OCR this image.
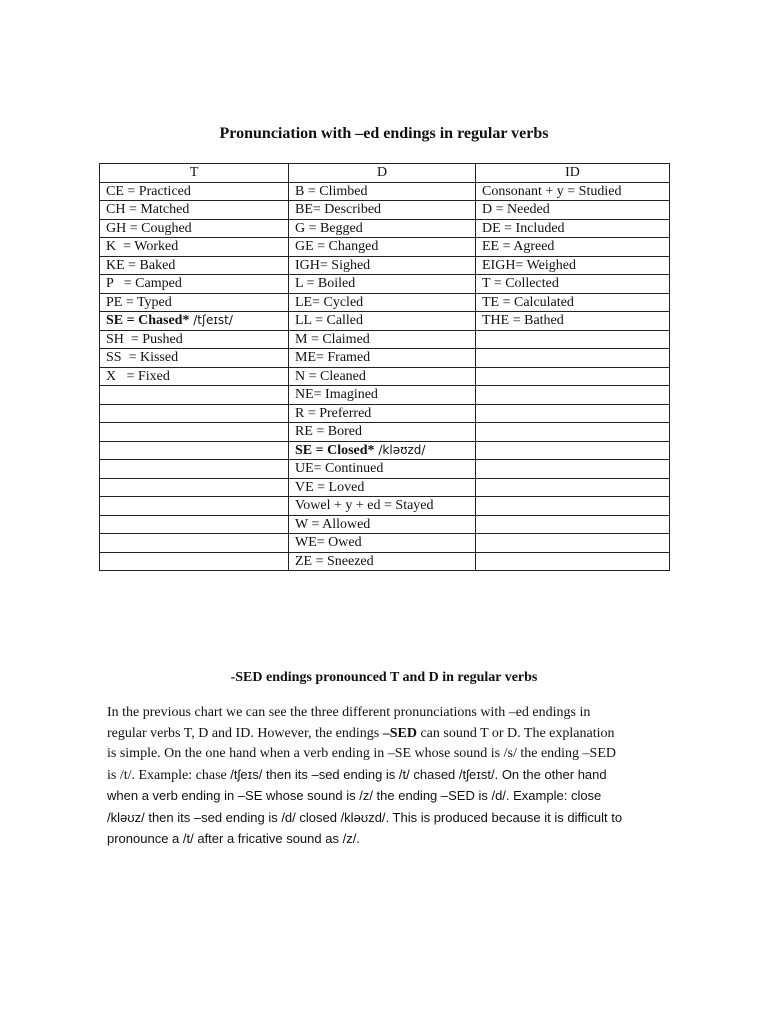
Pronunciation with –ed endings in regular verbs
T	D	ID
CE = Practiced	B = Climbed	Consonant + y = Studied
CH = Matched	BE= Described	D = Needed
GH = Coughed	G = Begged	DE = Included
K  = Worked	GE = Changed	EE = Agreed
KE = Baked	IGH= Sighed	EIGH= Weighed
P   = Camped	L = Boiled	T = Collected
PE = Typed	LE= Cycled	TE = Calculated
SE = Chased* /tʃeɪst/	LL = Called	THE = Bathed
SH  = Pushed	M = Claimed	
SS  = Kissed	ME= Framed	
X   = Fixed	N = Cleaned	
	NE= Imagined	
	R = Preferred	
	RE = Bored	
	SE = Closed* /kləʊzd/	
	UE= Continued	
	VE = Loved	
	Vowel + y + ed = Stayed	
	W = Allowed	
	WE= Owed	
	ZE = Sneezed	
-SED endings pronounced T and D in regular verbs
In the previous chart we can see the three different pronunciations with –ed endings in
regular verbs T, D and ID. However, the endings –SED can sound T or D. The explanation
is simple. On the one hand when a verb ending in –SE whose sound is /s/ the ending –SED
is /t/. Example: chase /tʃeɪs/ then its –sed ending is /t/ chased /tʃeɪst/. On the other hand
when a verb ending in –SE whose sound is /z/ the ending –SED is /d/. Example: close
/kləʊz/ then its –sed ending is /d/ closed /kləʊzd/. This is produced because it is difficult to
pronounce a /t/ after a fricative sound as /z/.
